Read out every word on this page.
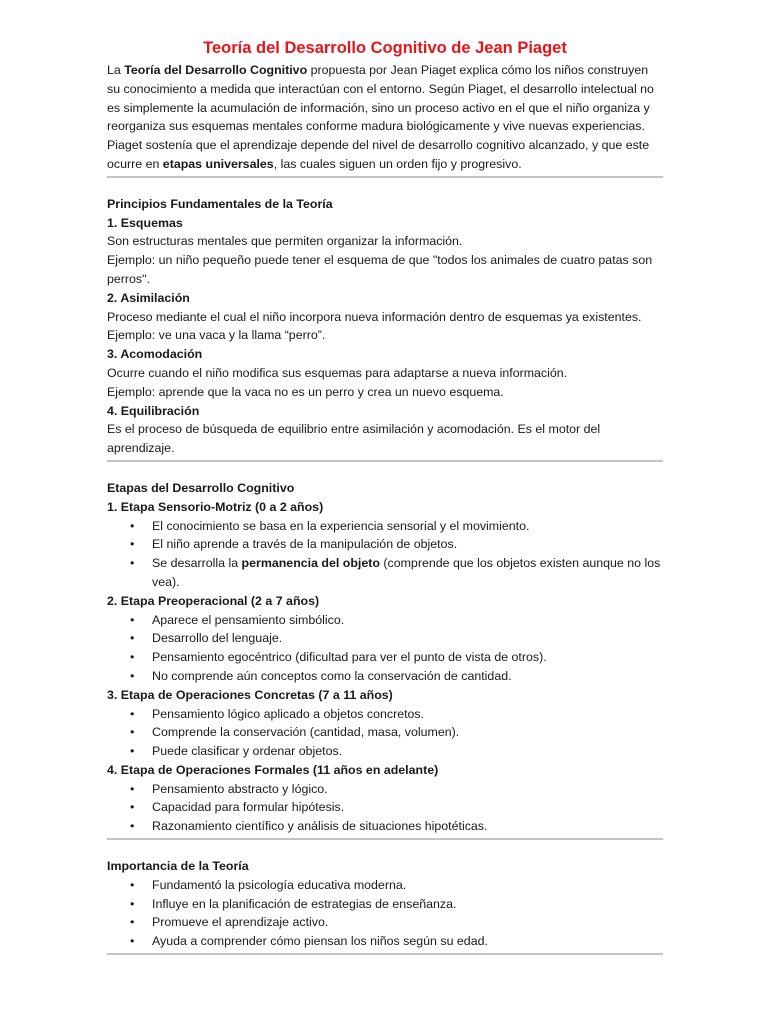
Teoría del Desarrollo Cognitivo de Jean Piaget

La Teoría del Desarrollo Cognitivo propuesta por Jean Piaget explica cómo los niños construyen su conocimiento a medida que interactúan con el entorno. Según Piaget, el desarrollo intelectual no es simplemente la acumulación de información, sino un proceso activo en el que el niño organiza y reorganiza sus esquemas mentales conforme madura biológicamente y vive nuevas experiencias. Piaget sostenía que el aprendizaje depende del nivel de desarrollo cognitivo alcanzado, y que este ocurre en etapas universales, las cuales siguen un orden fijo y progresivo.

Principios Fundamentales de la Teoría

1. Esquemas

Son estructuras mentales que permiten organizar la información.

Ejemplo: un niño pequeño puede tener el esquema de que "todos los animales de cuatro patas son perros".

2. Asimilación

Proceso mediante el cual el niño incorpora nueva información dentro de esquemas ya existentes.

Ejemplo: ve una vaca y la llama “perro”.

3. Acomodación

Ocurre cuando el niño modifica sus esquemas para adaptarse a nueva información.

Ejemplo: aprende que la vaca no es un perro y crea un nuevo esquema.

4. Equilibración

Es el proceso de búsqueda de equilibrio entre asimilación y acomodación. Es el motor del aprendizaje.

Etapas del Desarrollo Cognitivo

1. Etapa Sensorio-Motriz (0 a 2 años)

• El conocimiento se basa en la experiencia sensorial y el movimiento.
• El niño aprende a través de la manipulación de objetos.
• Se desarrolla la permanencia del objeto (comprende que los objetos existen aunque no los vea).

2. Etapa Preoperacional (2 a 7 años)

• Aparece el pensamiento simbólico.
• Desarrollo del lenguaje.
• Pensamiento egocéntrico (dificultad para ver el punto de vista de otros).
• No comprende aún conceptos como la conservación de cantidad.

3. Etapa de Operaciones Concretas (7 a 11 años)

• Pensamiento lógico aplicado a objetos concretos.
• Comprende la conservación (cantidad, masa, volumen).
• Puede clasificar y ordenar objetos.

4. Etapa de Operaciones Formales (11 años en adelante)

• Pensamiento abstracto y lógico.
• Capacidad para formular hipótesis.
• Razonamiento científico y análisis de situaciones hipotéticas.

Importancia de la Teoría

• Fundamentó la psicología educativa moderna.
• Influye en la planificación de estrategias de enseñanza.
• Promueve el aprendizaje activo.
• Ayuda a comprender cómo piensan los niños según su edad.
